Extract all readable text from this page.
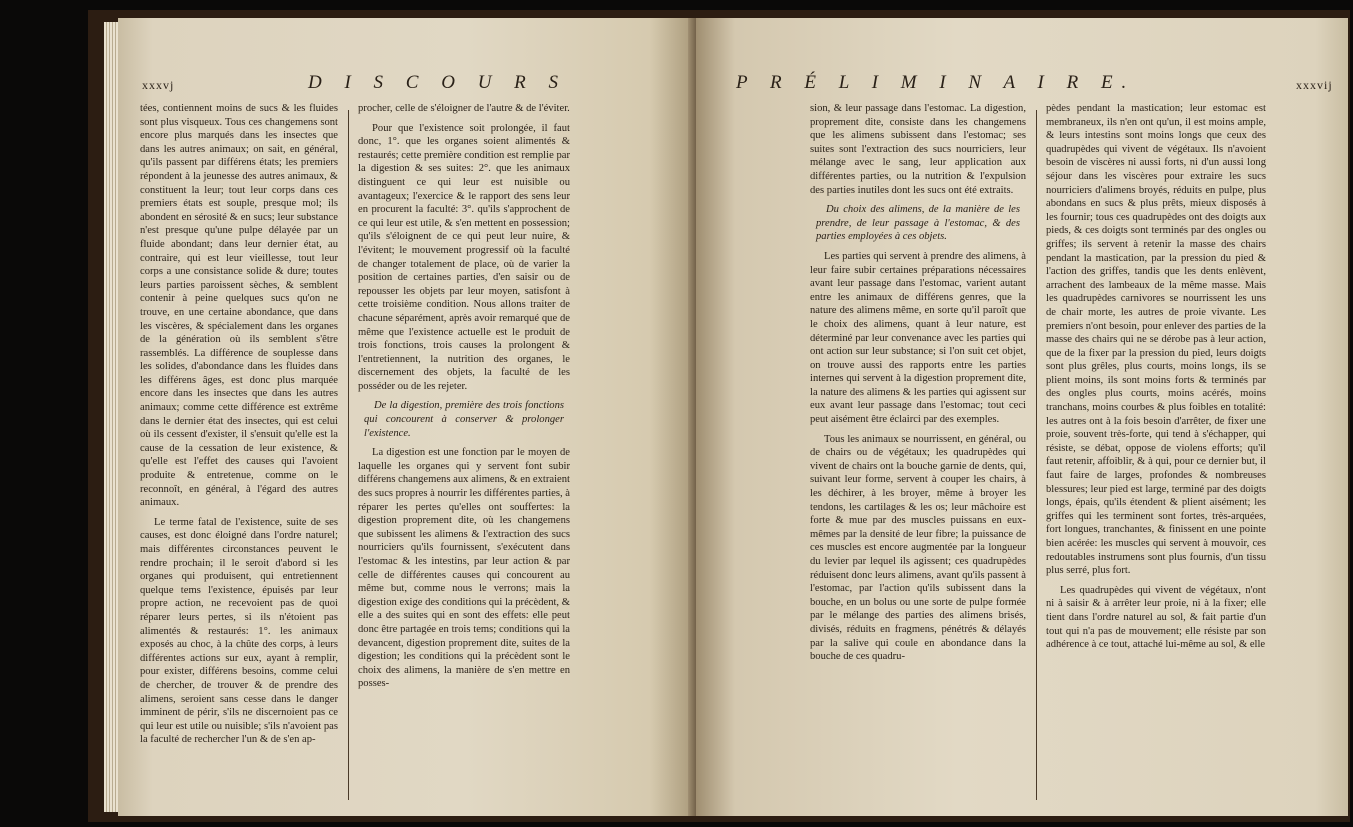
xxxvj	D I S C O U R S

tées, contiennent moins de sucs & les fluides sont plus visqueux. Tous ces changemens sont encore plus marqués dans les insectes que dans les autres animaux; on sait, en général, qu'ils passent par différens états; les premiers répondent à la jeunesse des autres animaux, & constituent la leur; tout leur corps dans ces premiers états est souple, presque mol; ils abondent en sérosité & en sucs; leur substance n'est presque qu'une pulpe délayée par un fluide abondant; dans leur dernier état, au contraire, qui est leur vieillesse, tout leur corps a une consistance solide & dure; toutes leurs parties paroissent sèches, & semblent contenir à peine quelques sucs qu'on ne trouve, en une certaine abondance, que dans les viscères, & spécialement dans les organes de la génération où ils semblent s'être rassemblés. La différence de souplesse dans les solides, d'abondance dans les fluides dans les différens âges, est donc plus marquée encore dans les insectes que dans les autres animaux; comme cette différence est extrême dans le dernier état des insectes, qui est celui où ils cessent d'exister, il s'ensuit qu'elle est la cause de la cessation de leur existence, & qu'elle est l'effet des causes qui l'avoient produite & entretenue, comme on le reconnoît, en général, à l'égard des autres animaux.

Le terme fatal de l'existence, suite de ses causes, est donc éloigné dans l'ordre naturel; mais différentes circonstances peuvent le rendre prochain; il le seroit d'abord si les organes qui produisent, qui entretiennent quelque tems l'existence, épuisés par leur propre action, ne recevoient pas de quoi réparer leurs pertes, si ils n'étoient pas alimentés & restaurés: 1°. les animaux exposés au choc, à la chûte des corps, à leurs différentes actions sur eux, ayant à remplir, pour exister, différens besoins, comme celui de chercher, de trouver & de prendre des alimens, seroient sans cesse dans le danger imminent de périr, s'ils ne discernoient pas ce qui leur est utile ou nuisible; s'ils n'avoient pas la faculté de rechercher l'un & de s'en ap-

procher, celle de s'éloigner de l'autre & de l'éviter.

Pour que l'existence soit prolongée, il faut donc, 1°. que les organes soient alimentés & restaurés; cette première condition est remplie par la digestion & ses suites: 2°. que les animaux distinguent ce qui leur est nuisible ou avantageux; l'exercice & le rapport des sens leur en procurent la faculté: 3°. qu'ils s'approchent de ce qui leur est utile, & s'en mettent en possession; qu'ils s'éloignent de ce qui peut leur nuire, & l'évitent; le mouvement progressif où la faculté de changer totalement de place, où de varier la position de certaines parties, d'en saisir ou de repousser les objets par leur moyen, satisfont à cette troisième condition. Nous allons traiter de chacune séparément, après avoir remarqué que de même que l'existence actuelle est le produit de trois fonctions, trois causes la prolongent & l'entretiennent, la nutrition des organes, le discernement des objets, la faculté de les posséder ou de les rejeter.

De la digestion, première des trois fonctions qui concourent à conserver & prolonger l'existence.

La digestion est une fonction par le moyen de laquelle les organes qui y servent font subir différens changemens aux alimens, & en extraient des sucs propres à nourrir les différentes parties, à réparer les pertes qu'elles ont souffertes: la digestion proprement dite, où les changemens que subissent les alimens & l'extraction des sucs nourriciers qu'ils fournissent, s'exécutent dans l'estomac & les intestins, par leur action & par celle de différentes causes qui concourent au même but, comme nous le verrons; mais la digestion exige des conditions qui la précèdent, & elle a des suites qui en sont des effets: elle peut donc être partagée en trois tems; conditions qui la devancent, digestion proprement dite, suites de la digestion; les conditions qui la précèdent sont le choix des alimens, la manière de s'en mettre en posses-

P R É L I M I N A I R E.	xxxvij

sion, & leur passage dans l'estomac. La digestion, proprement dite, consiste dans les changemens que les alimens subissent dans l'estomac; ses suites sont l'extraction des sucs nourriciers, leur mélange avec le sang, leur application aux différentes parties, ou la nutrition & l'expulsion des parties inutiles dont les sucs ont été extraits.

Du choix des alimens, de la manière de les prendre, de leur passage à l'estomac, & des parties employées à ces objets.

Les parties qui servent à prendre des alimens, à leur faire subir certaines préparations nécessaires avant leur passage dans l'estomac, varient autant entre les animaux de différens genres, que la nature des alimens même, en sorte qu'il paroît que le choix des alimens, quant à leur nature, est déterminé par leur convenance avec les parties qui ont action sur leur substance; si l'on suit cet objet, on trouve aussi des rapports entre les parties internes qui servent à la digestion proprement dite, la nature des alimens & les parties qui agissent sur eux avant leur passage dans l'estomac; tout ceci peut aisément être éclairci par des exemples.

Tous les animaux se nourrissent, en général, ou de chairs ou de végétaux; les quadrupèdes qui vivent de chairs ont la bouche garnie de dents, qui, suivant leur forme, servent à couper les chairs, à les déchirer, à les broyer, même à broyer les tendons, les cartilages & les os; leur mâchoire est forte & mue par des muscles puissans en eux-mêmes par la densité de leur fibre; la puissance de ces muscles est encore augmentée par la longueur du levier par lequel ils agissent; ces quadrupèdes réduisent donc leurs alimens, avant qu'ils passent à l'estomac, par l'action qu'ils subissent dans la bouche, en un bolus ou une sorte de pulpe formée par le mélange des parties des alimens brisés, divisés, réduits en fragmens, pénétrés & délayés par la salive qui coule en abondance dans la bouche de ces quadru-

pèdes pendant la mastication; leur estomac est membraneux, ils n'en ont qu'un, il est moins ample, & leurs intestins sont moins longs que ceux des quadrupèdes qui vivent de végétaux. Ils n'avoient besoin de viscères ni aussi forts, ni d'un aussi long séjour dans les viscères pour extraire les sucs nourriciers d'alimens broyés, réduits en pulpe, plus abondans en sucs & plus prêts, mieux disposés à les fournir; tous ces quadrupèdes ont des doigts aux pieds, & ces doigts sont terminés par des ongles ou griffes; ils servent à retenir la masse des chairs pendant la mastication, par la pression du pied & l'action des griffes, tandis que les dents enlèvent, arrachent des lambeaux de la même masse. Mais les quadrupèdes carnivores se nourrissent les uns de chair morte, les autres de proie vivante. Les premiers n'ont besoin, pour enlever des parties de la masse des chairs qui ne se dérobe pas à leur action, que de la fixer par la pression du pied, leurs doigts sont plus grêles, plus courts, moins longs, ils se plient moins, ils sont moins forts & terminés par des ongles plus courts, moins acérés, moins tranchans, moins courbes & plus foibles en totalité: les autres ont à la fois besoin d'arrêter, de fixer une proie, souvent très-forte, qui tend à s'échapper, qui résiste, se débat, oppose de violens efforts; qu'il faut retenir, affoiblir, & à qui, pour ce dernier but, il faut faire de larges, profondes & nombreuses blessures; leur pied est large, terminé par des doigts longs, épais, qu'ils étendent & plient aisément; les griffes qui les terminent sont fortes, très-arquées, fort longues, tranchantes, & finissent en une pointe bien acérée: les muscles qui servent à mouvoir, ces redoutables instrumens sont plus fournis, d'un tissu plus serré, plus fort.

Les quadrupèdes qui vivent de végétaux, n'ont ni à saisir & à arrêter leur proie, ni à la fixer; elle tient dans l'ordre naturel au sol, & fait partie d'un tout qui n'a pas de mouvement; elle résiste par son adhérence à ce tout, attaché lui-même au sol, & elle
